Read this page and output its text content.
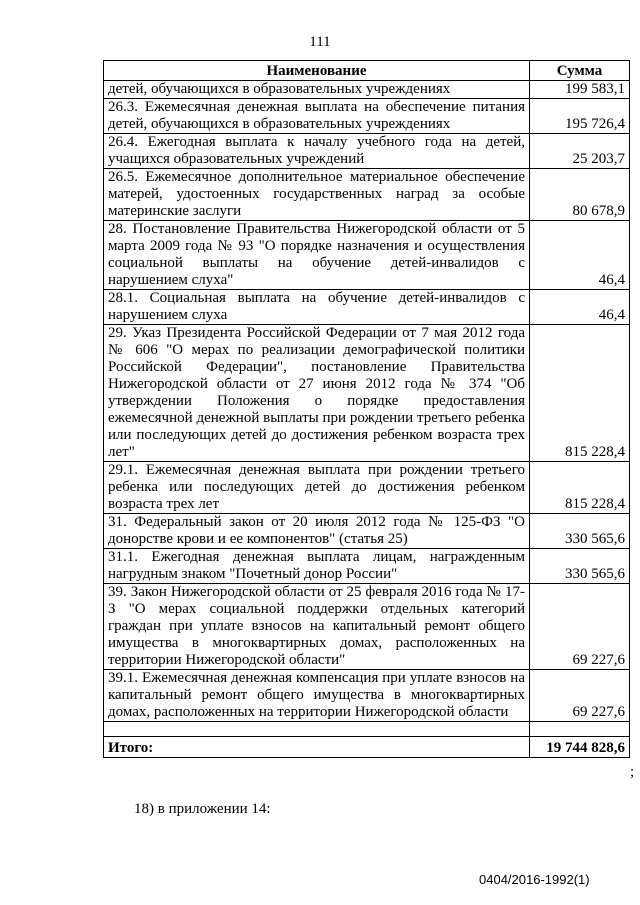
111
Наименование	Сумма
детей, обучающихся в образовательных учреждениях	199 583,1
26.3. Ежемесячная денежная выплата на обеспечение питания детей, обучающихся в образовательных учреждениях	195 726,4
26.4. Ежегодная выплата к началу учебного года на детей, учащихся образовательных учреждений	25 203,7
26.5. Ежемесячное дополнительное материальное обеспечение матерей, удостоенных государственных наград за особые материнские заслуги	80 678,9
28. Постановление Правительства Нижегородской области от 5 марта 2009 года № 93 "О порядке назначения и осуществления социальной выплаты на обучение детей-инвалидов с нарушением слуха"	46,4
28.1. Социальная выплата на обучение детей-инвалидов с нарушением слуха	46,4
29. Указ Президента Российской Федерации от 7 мая 2012 года № 606 "О мерах по реализации демографической политики Российской Федерации", постановление Правительства Нижегородской области от 27 июня 2012 года № 374 "Об утверждении Положения о порядке предоставления ежемесячной денежной выплаты при рождении третьего ребенка или последующих детей до достижения ребенком возраста трех лет"	815 228,4
29.1. Ежемесячная денежная выплата при рождении третьего ребенка или последующих детей до достижения ребенком возраста трех лет	815 228,4
31. Федеральный закон от 20 июля 2012 года № 125-ФЗ "О донорстве крови и ее компонентов" (статья 25)	330 565,6
31.1. Ежегодная денежная выплата лицам, награжденным нагрудным знаком "Почетный донор России"	330 565,6
39. Закон Нижегородской области от 25 февраля 2016 года № 17-З "О мерах социальной поддержки отдельных категорий граждан при уплате взносов на капитальный ремонт общего имущества в многоквартирных домах, расположенных на территории Нижегородской области"	69 227,6
39.1. Ежемесячная денежная компенсация при уплате взносов на капитальный ремонт общего имущества в многоквартирных домах, расположенных на территории Нижегородской области	69 227,6

Итого:	19 744 828,6
;
18) в приложении 14:
0404/2016-1992(1)
